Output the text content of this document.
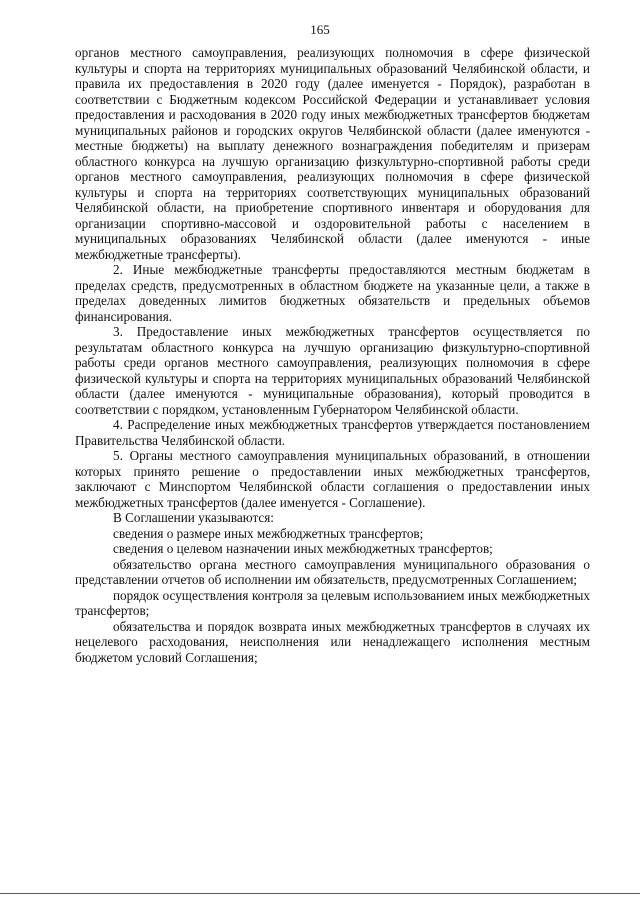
165

органов местного самоуправления, реализующих полномочия в сфере физической культуры и спорта на территориях муниципальных образований Челябинской области, и правила их предоставления в 2020 году (далее именуется - Порядок), разработан в соответствии с Бюджетным кодексом Российской Федерации и устанавливает условия предоставления и расходования в 2020 году иных межбюджетных трансфертов бюджетам муниципальных районов и городских округов Челябинской области (далее именуются - местные бюджеты) на выплату денежного вознаграждения победителям и призерам областного конкурса на лучшую организацию физкультурно-спортивной работы среди органов местного самоуправления, реализующих полномочия в сфере физической культуры и спорта на территориях соответствующих муниципальных образований Челябинской области, на приобретение спортивного инвентаря и оборудования для организации спортивно-массовой и оздоровительной работы с населением в муниципальных образованиях Челябинской области (далее именуются - иные межбюджетные трансферты).

2. Иные межбюджетные трансферты предоставляются местным бюджетам в пределах средств, предусмотренных в областном бюджете на указанные цели, а также в пределах доведенных лимитов бюджетных обязательств и предельных объемов финансирования.

3. Предоставление иных межбюджетных трансфертов осуществляется по результатам областного конкурса на лучшую организацию физкультурно-спортивной работы среди органов местного самоуправления, реализующих полномочия в сфере физической культуры и спорта на территориях муниципальных образований Челябинской области (далее именуются - муниципальные образования), который проводится в соответствии с порядком, установленным Губернатором Челябинской области.

4. Распределение иных межбюджетных трансфертов утверждается постановлением Правительства Челябинской области.

5. Органы местного самоуправления муниципальных образований, в отношении которых принято решение о предоставлении иных межбюджетных трансфертов, заключают с Минспортом Челябинской области соглашения о предоставлении иных межбюджетных трансфертов (далее именуется - Соглашение).

В Соглашении указываются:

сведения о размере иных межбюджетных трансфертов;

сведения о целевом назначении иных межбюджетных трансфертов;

обязательство органа местного самоуправления муниципального образования о представлении отчетов об исполнении им обязательств, предусмотренных Соглашением;

порядок осуществления контроля за целевым использованием иных межбюджетных трансфертов;

обязательства и порядок возврата иных межбюджетных трансфертов в случаях их нецелевого расходования, неисполнения или ненадлежащего исполнения местным бюджетом условий Соглашения;
